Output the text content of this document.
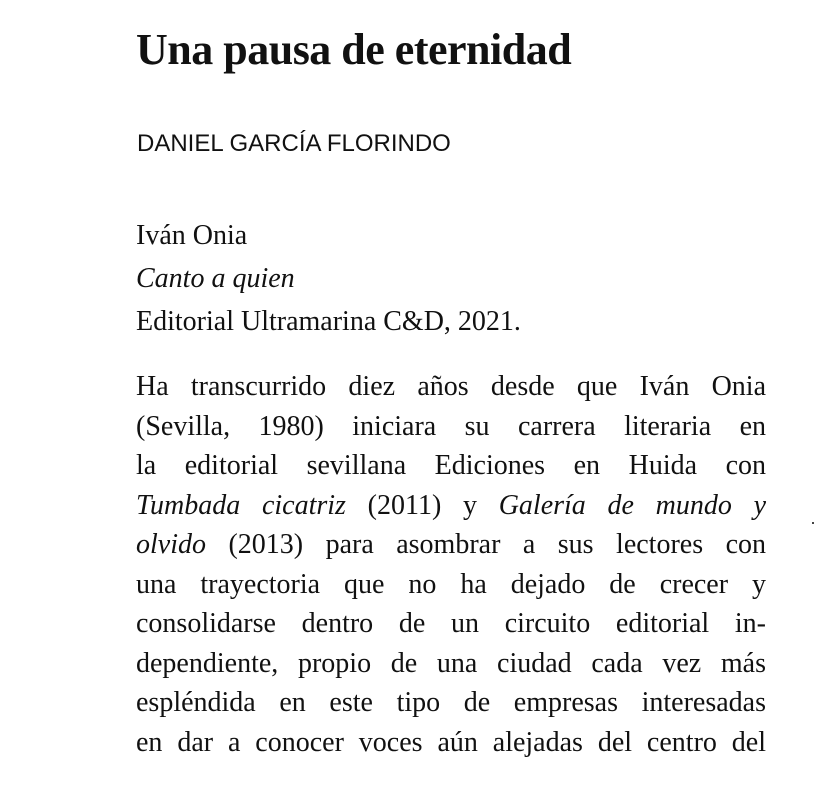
Una pausa de eternidad
DANIEL GARCÍA FLORINDO
Iván Onia
Canto a quien
Editorial Ultramarina C&D, 2021.
Ha transcurrido diez años desde que Iván Onia
(Sevilla, 1980) iniciara su carrera literaria en
la editorial sevillana Ediciones en Huida con
Tumbada cicatriz (2011) y Galería de mundo y
olvido (2013) para asombrar a sus lectores con
una trayectoria que no ha dejado de crecer y
consolidarse dentro de un circuito editorial in-
dependiente, propio de una ciudad cada vez más
espléndida en este tipo de empresas interesadas
en dar a conocer voces aún alejadas del centro del
